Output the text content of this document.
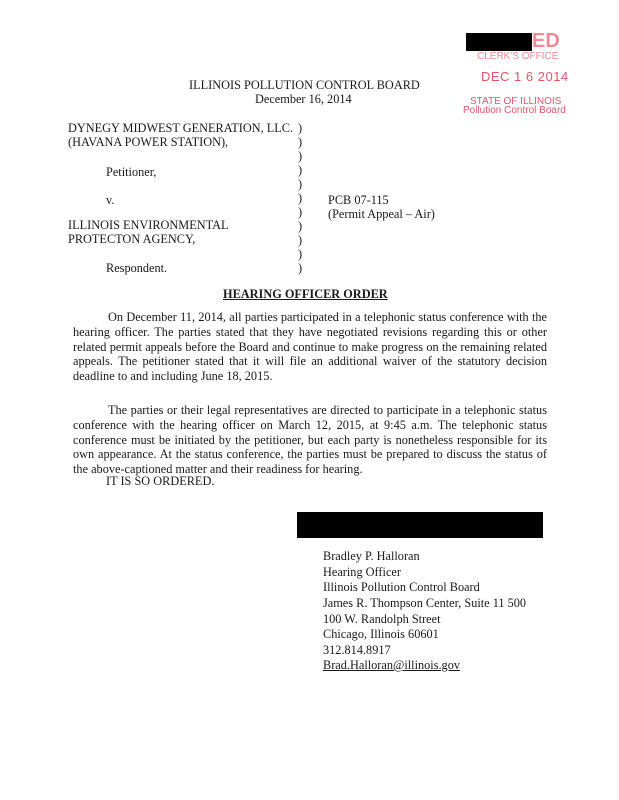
ED
CLERK'S OFFICE
DEC 1 6 2014
STATE OF ILLINOIS
Pollution Control Board
ILLINOIS POLLUTION CONTROL BOARD
December 16, 2014
DYNEGY MIDWEST GENERATION, LLC.
(HAVANA POWER STATION),
Petitioner,
v.
ILLINOIS ENVIRONMENTAL
PROTECTON AGENCY,
Respondent.
)
)
)
)
)
)
)
)
)
)
)
PCB 07-115
(Permit Appeal – Air)
HEARING OFFICER ORDER
On December 11, 2014, all parties participated in a telephonic status conference with the hearing officer. The parties stated that they have negotiated revisions regarding this or other related permit appeals before the Board and continue to make progress on the remaining related appeals. The petitioner stated that it will file an additional waiver of the statutory decision deadline to and including June 18, 2015.
The parties or their legal representatives are directed to participate in a telephonic status conference with the hearing officer on March 12, 2015, at 9:45 a.m. The telephonic status conference must be initiated by the petitioner, but each party is nonetheless responsible for its own appearance. At the status conference, the parties must be prepared to discuss the status of the above-captioned matter and their readiness for hearing.
IT IS SO ORDERED.
Bradley P. Halloran
Hearing Officer
Illinois Pollution Control Board
James R. Thompson Center, Suite 11 500
100 W. Randolph Street
Chicago, Illinois 60601
312.814.8917
Brad.Halloran@illinois.gov
